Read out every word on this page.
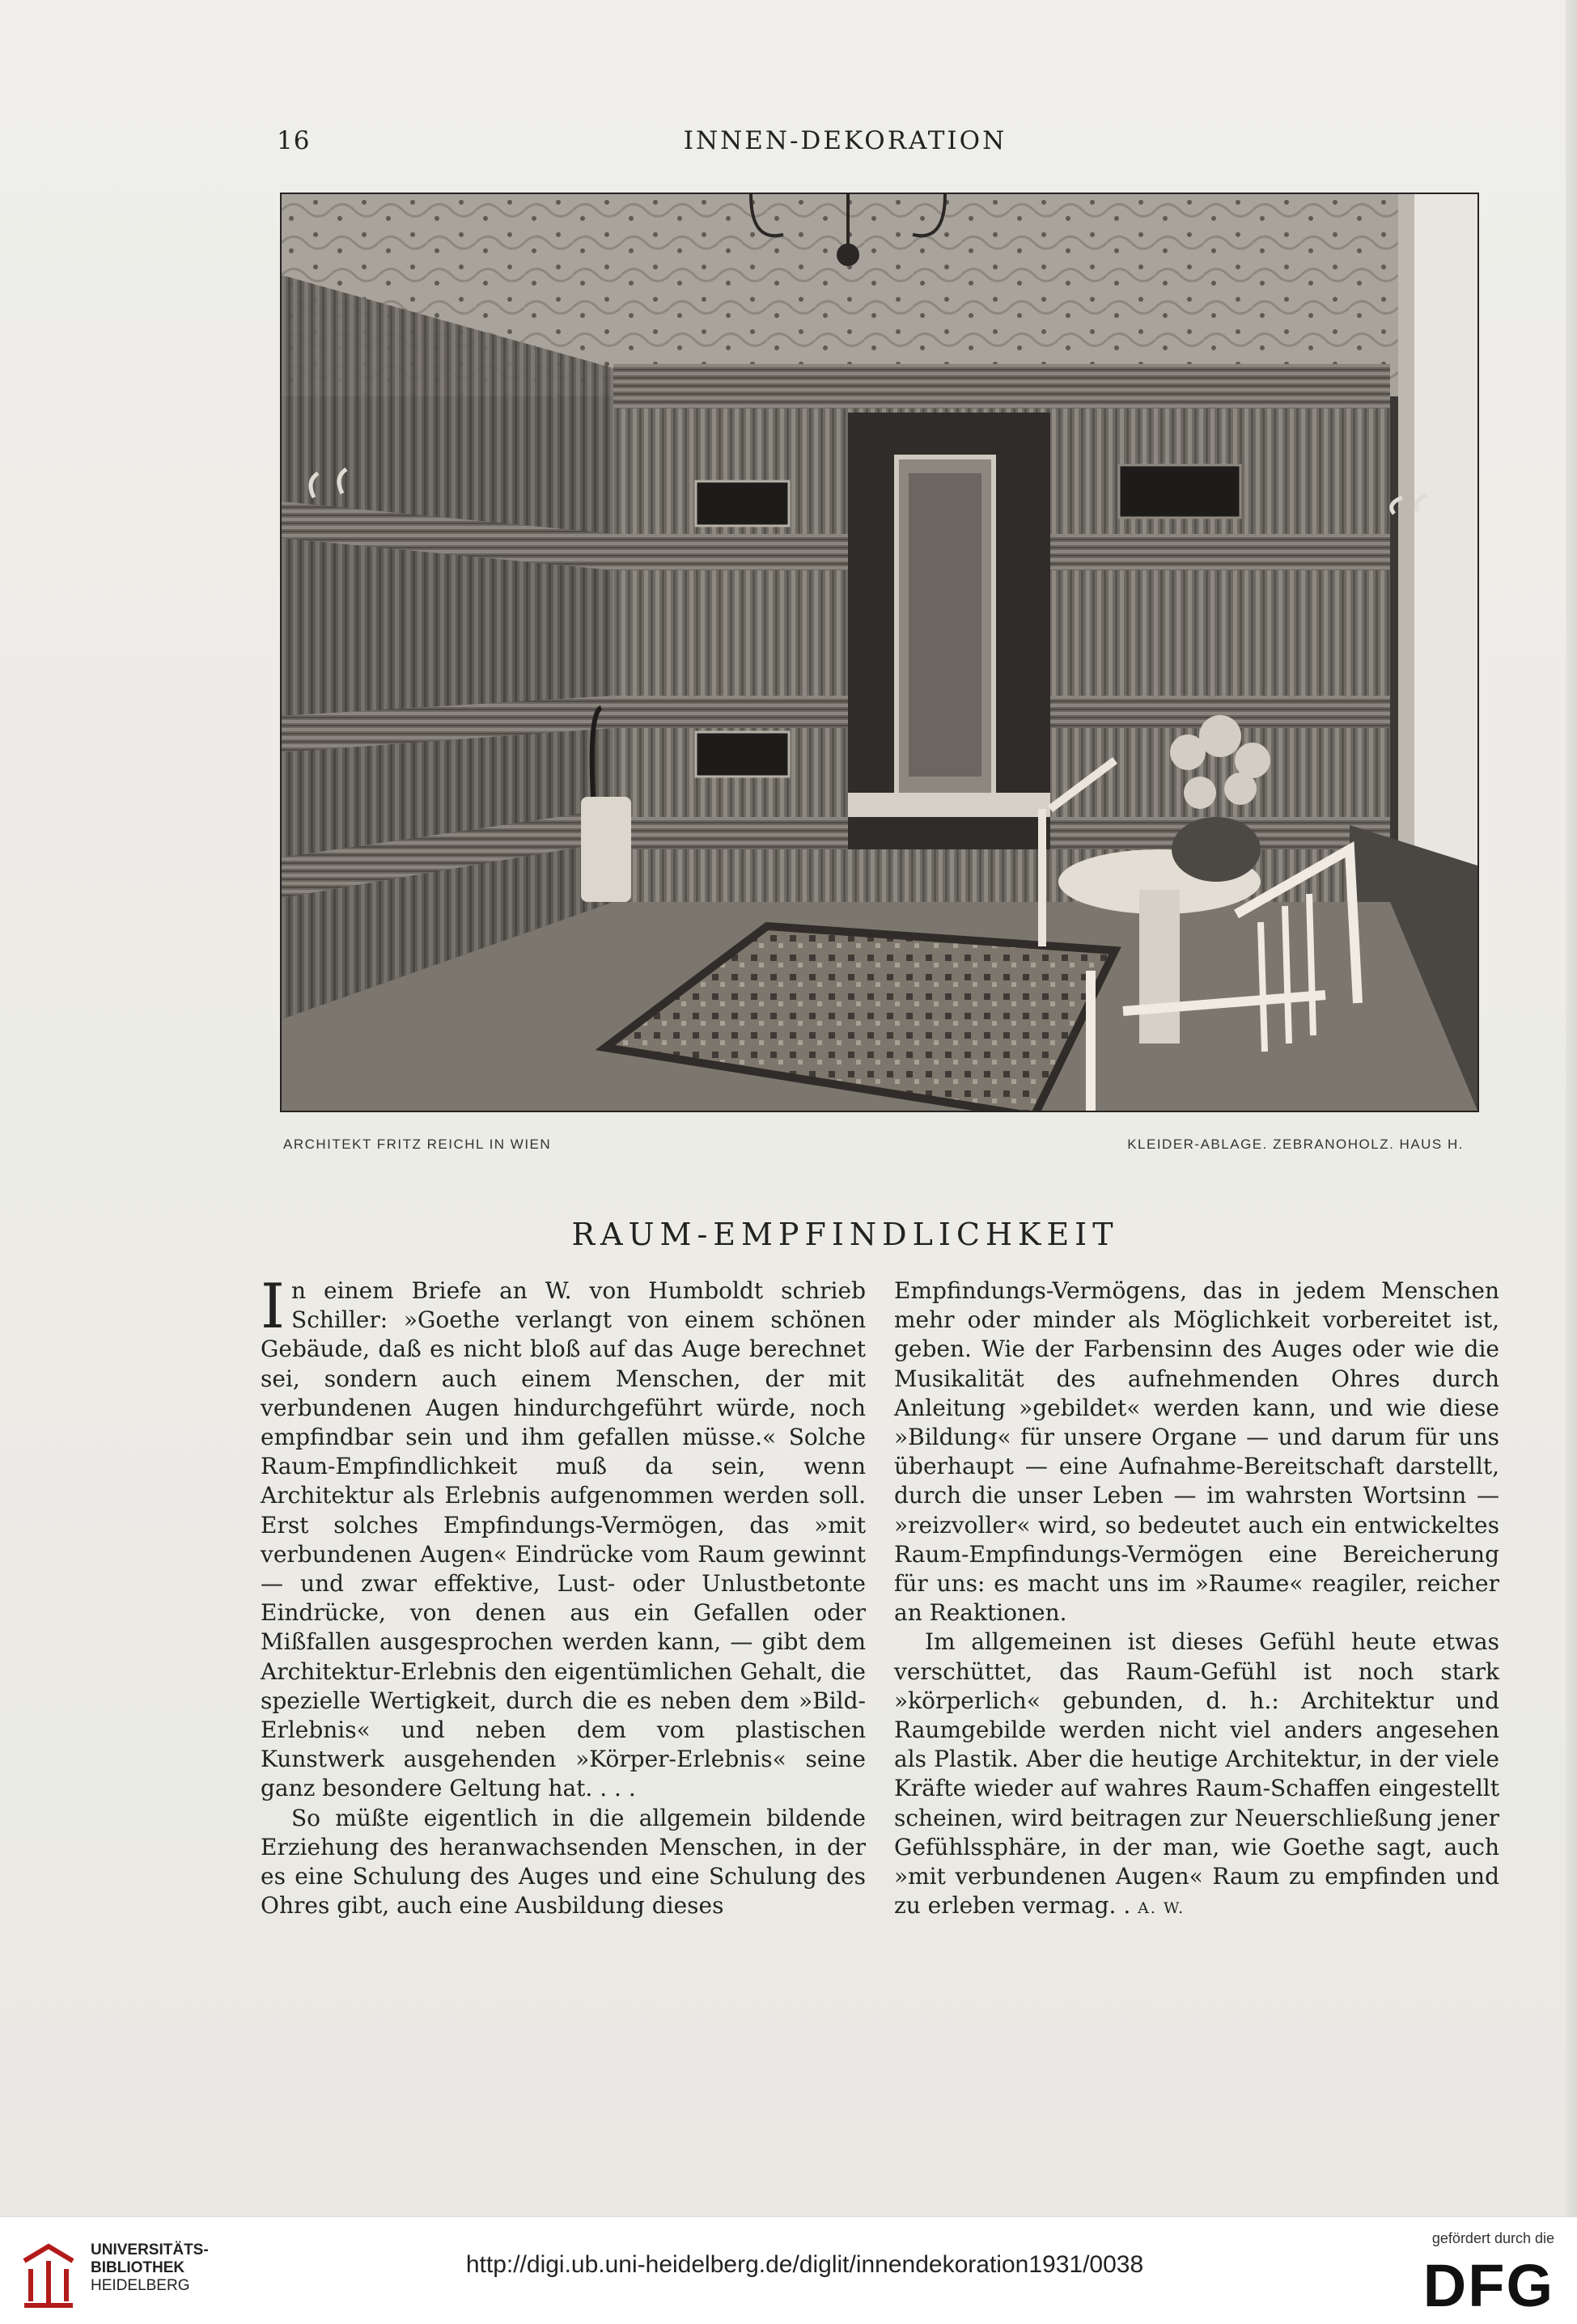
16	INNEN-DEKORATION
ARCHITEKT FRITZ REICHL IN WIEN	KLEIDER-ABLAGE. ZEBRANOHOLZ. HAUS H.
RAUM-EMPFINDLICHKEIT

In einem Briefe an W. von Humboldt schrieb Schiller: »Goethe verlangt von einem schönen Gebäude, daß es nicht bloß auf das Auge berechnet sei, sondern auch einem Menschen, der mit verbundenen Augen hindurchgeführt würde, noch empfindbar sein und ihm gefallen müsse.« Solche Raum-Empfindlichkeit muß da sein, wenn Architektur als Erlebnis aufgenommen werden soll. Erst solches Empfindungs-Vermögen, das »mit verbundenen Augen« Eindrücke vom Raum gewinnt — und zwar effektive, Lust- oder Unlustbetonte Eindrücke, von denen aus ein Gefallen oder Mißfallen ausgesprochen werden kann, — gibt dem Architektur-Erlebnis den eigentümlichen Gehalt, die spezielle Wertigkeit, durch die es neben dem »Bild-Erlebnis« und neben dem vom plastischen Kunstwerk ausgehenden »Körper-Erlebnis« seine ganz besondere Geltung hat. . . .

So müßte eigentlich in die allgemein bildende Erziehung des heranwachsenden Menschen, in der es eine Schulung des Auges und eine Schulung des Ohres gibt, auch eine Ausbildung dieses

Empfindungs-Vermögens, das in jedem Menschen mehr oder minder als Möglichkeit vorbereitet ist, geben. Wie der Farbensinn des Auges oder wie die Musikalität des aufnehmenden Ohres durch Anleitung »gebildet« werden kann, und wie diese »Bildung« für unsere Organe — und darum für uns überhaupt — eine Aufnahme-Bereitschaft darstellt, durch die unser Leben — im wahrsten Wortsinn — »reizvoller« wird, so bedeutet auch ein entwickeltes Raum-Empfindungs-Vermögen eine Bereicherung für uns: es macht uns im »Raume« reagiler, reicher an Reaktionen.

Im allgemeinen ist dieses Gefühl heute etwas verschüttet, das Raum-Gefühl ist noch stark »körperlich« gebunden, d. h.: Architektur und Raumgebilde werden nicht viel anders angesehen als Plastik. Aber die heutige Architektur, in der viele Kräfte wieder auf wahres Raum-Schaffen eingestellt scheinen, wird beitragen zur Neuerschließung jener Gefühlssphäre, in der man, wie Goethe sagt, auch »mit verbundenen Augen« Raum zu empfinden und zu erleben vermag. . A. W.

UNIVERSITÄTS-
BIBLIOTHEK
HEIDELBERG
http://digi.ub.uni-heidelberg.de/diglit/innendekoration1931/0038
gefördert durch die
DFG
